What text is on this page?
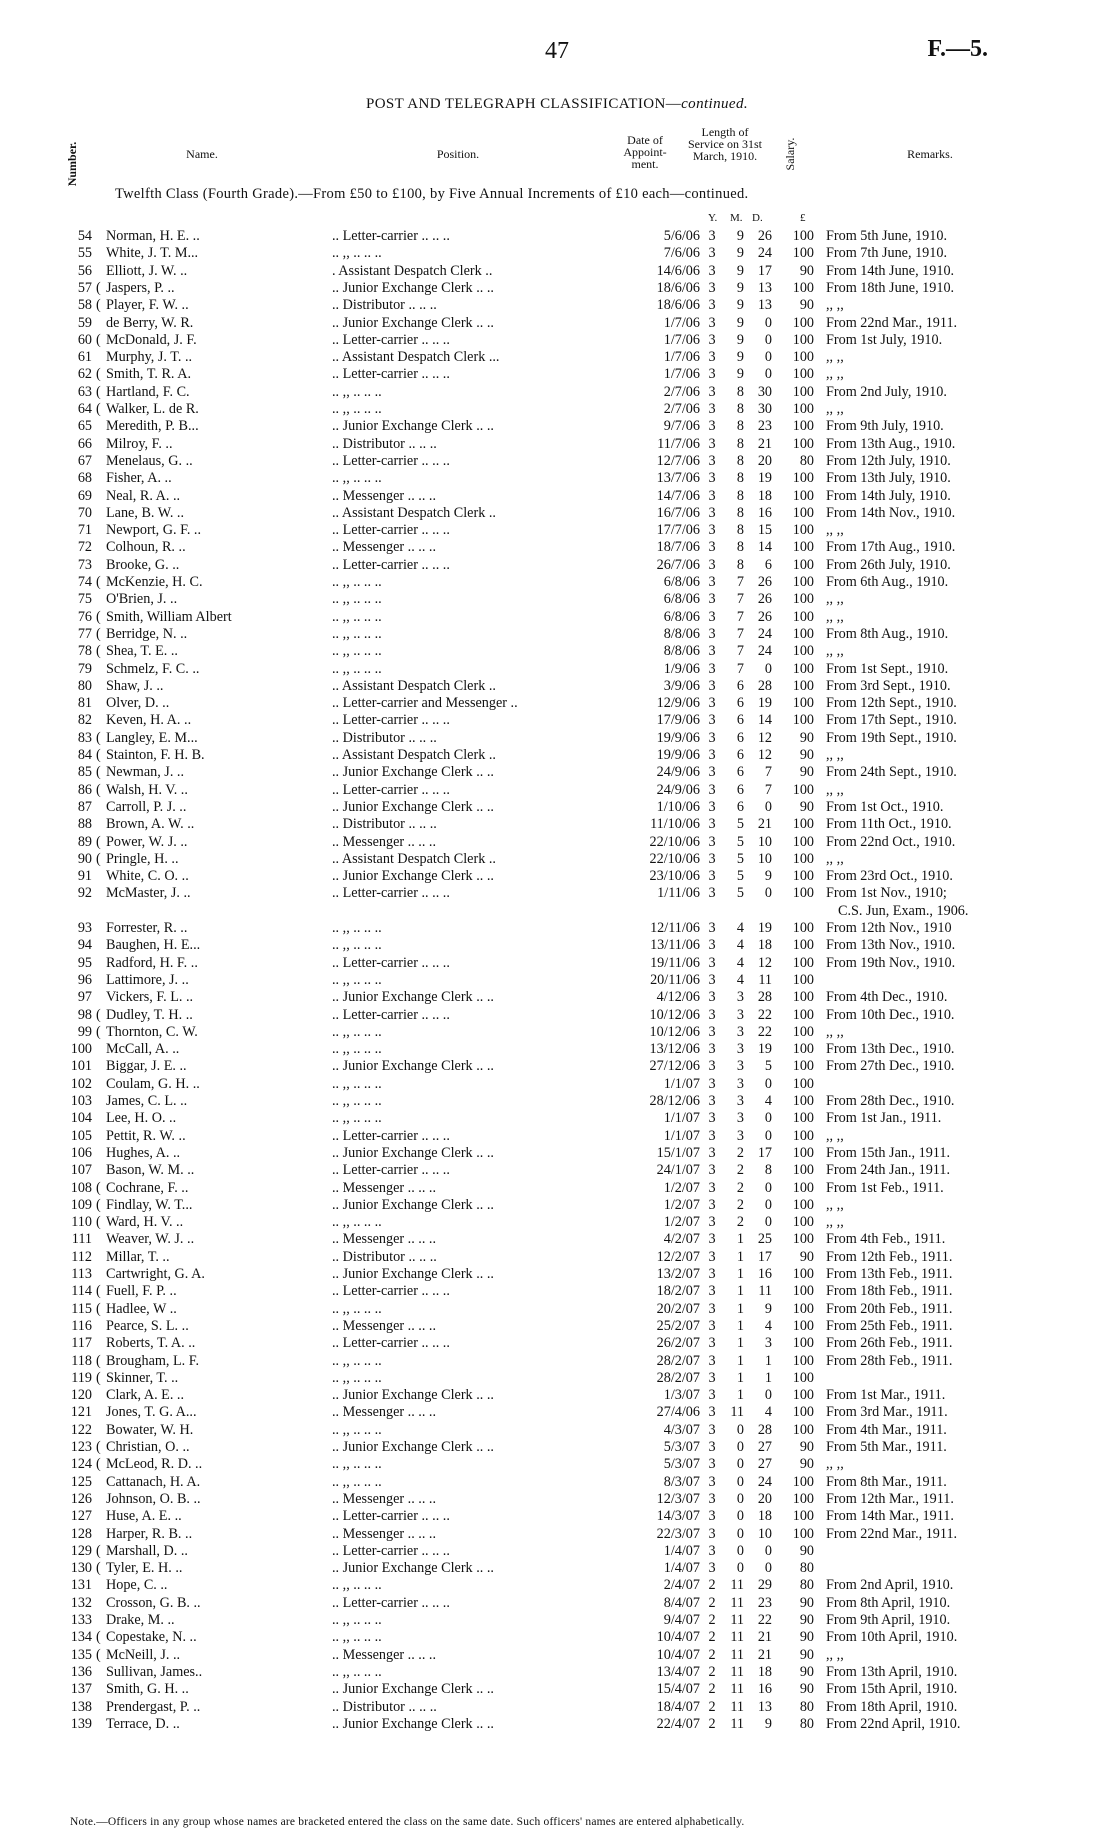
47	F.—5.
POST AND TELEGRAPH CLASSIFICATION—continued.
Number.	Name.	Position.
Date of Appoint-ment.
Length of Service on 31st March, 1910.	Salary.	Remarks.
Twelfth Class (Fourth Grade).—From £50 to £100, by Five Annual Increments of £10 each—continued.
Y. M. D.	£
54 Norman, H. E. ..	.. Letter-carrier .. .. ..	5/6/06 3	9 26	100 From 5th June, 1910.
55 White, J. T. M...	.. ,, .. .. ..	7/6/06 3	9 24	100 From 7th June, 1910.
56 Elliott, J. W. ..	. Assistant Despatch Clerk ..	14/6/06 3	9 17	90 From 14th June, 1910.
57 ( Jaspers, P. ..	.. Junior Exchange Clerk .. ..	18/6/06 3	9 13	100 From 18th June, 1910.
58 ( Player, F. W. ..	.. Distributor .. .. ..	18/6/06 3	9 13	90 ,, ,,
59 de Berry, W. R.	.. Junior Exchange Clerk .. ..	1/7/06 3	9	0	100 From 22nd Mar., 1911.
60 ( McDonald, J. F.	.. Letter-carrier .. .. ..	1/7/06 3	9	0	100 From 1st July, 1910.
61 Murphy, J. T. ..	.. Assistant Despatch Clerk ...	1/7/06 3	9	0	100 ,, ,,
62 ( Smith, T. R. A.	.. Letter-carrier .. .. ..	1/7/06 3	9	0	100 ,, ,,
63 ( Hartland, F. C.	.. ,, .. .. ..	2/7/06 3	8 30	100 From 2nd July, 1910.
64 ( Walker, L. de R.	.. ,, .. .. ..	2/7/06 3	8 30	100 ,, ,,
65 Meredith, P. B...	.. Junior Exchange Clerk .. ..	9/7/06 3	8 23	100 From 9th July, 1910.
66 Milroy, F. ..	.. Distributor .. .. ..	11/7/06 3	8 21	100 From 13th Aug., 1910.
67 Menelaus, G. ..	.. Letter-carrier .. .. ..	12/7/06 3	8 20	80 From 12th July, 1910.
68 Fisher, A. ..	.. ,, .. .. ..	13/7/06 3	8 19	100 From 13th July, 1910.
69 Neal, R. A. ..	.. Messenger .. .. ..	14/7/06 3	8 18	100 From 14th July, 1910.
70 Lane, B. W. ..	.. Assistant Despatch Clerk ..	16/7/06 3	8 16	100 From 14th Nov., 1910.
71 Newport, G. F. ..	.. Letter-carrier .. .. ..	17/7/06 3	8 15	100 ,, ,,
72 Colhoun, R. ..	.. Messenger .. .. ..	18/7/06 3	8 14	100 From 17th Aug., 1910.
73 Brooke, G. ..	.. Letter-carrier .. .. ..	26/7/06 3	8	6	100 From 26th July, 1910.
74 ( McKenzie, H. C.	.. ,, .. .. ..	6/8/06 3	7 26	100 From 6th Aug., 1910.
75 O'Brien, J. ..	.. ,, .. .. ..	6/8/06 3	7 26	100 ,, ,,
76 ( Smith, William Albert	.. ,, .. .. ..	6/8/06 3	7 26	100 ,, ,,
77 ( Berridge, N. ..	.. ,, .. .. ..	8/8/06 3	7 24	100 From 8th Aug., 1910.
78 ( Shea, T. E. ..	.. ,, .. .. ..	8/8/06 3	7 24	100 ,, ,,
79 Schmelz, F. C. ..	.. ,, .. .. ..	1/9/06 3	7	0	100 From 1st Sept., 1910.
80 Shaw, J. ..	.. Assistant Despatch Clerk ..	3/9/06 3	6 28	100 From 3rd Sept., 1910.
81 Olver, D. ..	.. Letter-carrier and Messenger ..	12/9/06 3	6 19	100 From 12th Sept., 1910.
82 Keven, H. A. ..	.. Letter-carrier .. .. ..	17/9/06 3	6 14	100 From 17th Sept., 1910.
83 ( Langley, E. M...	.. Distributor .. .. ..	19/9/06 3	6 12	90 From 19th Sept., 1910.
84 ( Stainton, F. H. B.	.. Assistant Despatch Clerk ..	19/9/06 3	6 12	90 ,, ,,
85 ( Newman, J. ..	.. Junior Exchange Clerk .. ..	24/9/06 3	6	7	90 From 24th Sept., 1910.
86 ( Walsh, H. V. ..	.. Letter-carrier .. .. ..	24/9/06 3	6	7	100 ,, ,,
87 Carroll, P. J. ..	.. Junior Exchange Clerk .. ..	1/10/06 3	6	0	90 From 1st Oct., 1910.
88 Brown, A. W. ..	.. Distributor .. .. ..	11/10/06 3	5 21	100 From 11th Oct., 1910.
89 ( Power, W. J. ..	.. Messenger .. .. ..	22/10/06 3	5 10	100 From 22nd Oct., 1910.
90 ( Pringle, H. ..	.. Assistant Despatch Clerk ..	22/10/06 3	5 10	100 ,, ,,
91 White, C. O. ..	.. Junior Exchange Clerk .. ..	23/10/06 3	5	9	100 From 23rd Oct., 1910.
92 McMaster, J. ..	.. Letter-carrier .. .. ..	1/11/06 3	5	0	100 From 1st Nov., 1910;
C.S. Jun, Exam., 1906.
93 Forrester, R. ..	.. ,, .. .. ..	12/11/06 3	4 19	100 From 12th Nov., 1910
94 Baughen, H. E...	.. ,, .. .. ..	13/11/06 3	4 18	100 From 13th Nov., 1910.
95 Radford, H. F. ..	.. Letter-carrier .. .. ..	19/11/06 3	4 12	100 From 19th Nov., 1910.
96 Lattimore, J. ..	.. ,, .. .. ..	20/11/06 3	4	11	100
97 Vickers, F. L. ..	.. Junior Exchange Clerk .. ..	4/12/06 3	3 28	100 From 4th Dec., 1910.
98 ( Dudley, T. H. ..	.. Letter-carrier .. .. ..	10/12/06 3	3 22	100 From 10th Dec., 1910.
99 ( Thornton, C. W.	.. ,, .. .. ..	10/12/06 3	3 22	100 ,, ,,
100 McCall, A. ..	.. ,, .. .. ..	13/12/06 3	3 19	100 From 13th Dec., 1910.
101 Biggar, J. E. ..	.. Junior Exchange Clerk .. ..	27/12/06 3	3	5	100 From 27th Dec., 1910.
102 Coulam, G. H. ..	.. ,, .. .. ..	1/1/07 3	3	0	100
103 James, C. L. ..	.. ,, .. .. ..	28/12/06 3	3	4	100 From 28th Dec., 1910.
104 Lee, H. O. ..	.. ,, .. .. ..	1/1/07 3	3	0	100 From 1st Jan., 1911.
105 Pettit, R. W. ..	.. Letter-carrier .. .. ..	1/1/07 3	3	0	100 ,, ,,
106 Hughes, A. ..	.. Junior Exchange Clerk .. ..	15/1/07 3	2 17	100 From 15th Jan., 1911.
107 Bason, W. M. ..	.. Letter-carrier .. .. ..	24/1/07 3	2	8	100 From 24th Jan., 1911.
108 ( Cochrane, F. ..	.. Messenger .. .. ..	1/2/07 3	2	0	100 From 1st Feb., 1911.
109 ( Findlay, W. T...	.. Junior Exchange Clerk .. ..	1/2/07 3	2	0	100 ,, ,,
110 ( Ward, H. V. ..	.. ,, .. .. ..	1/2/07 3	2	0	100 ,, ,,
111 Weaver, W. J. ..	.. Messenger .. .. ..	4/2/07 3	1 25	100 From 4th Feb., 1911.
112 Millar, T. ..	.. Distributor .. .. ..	12/2/07 3	1 17	90 From 12th Feb., 1911.
113 Cartwright, G. A.	.. Junior Exchange Clerk .. ..	13/2/07 3	1 16	100 From 13th Feb., 1911.
114 ( Fuell, F. P. ..	.. Letter-carrier .. .. ..	18/2/07 3	1	11	100 From 18th Feb., 1911.
115 ( Hadlee, W ..	.. ,, .. .. ..	20/2/07 3	1	9	100 From 20th Feb., 1911.
116 Pearce, S. L. ..	.. Messenger .. .. ..	25/2/07 3	1	4	100 From 25th Feb., 1911.
117 Roberts, T. A. ..	.. Letter-carrier .. .. ..	26/2/07 3	1	3	100 From 26th Feb., 1911.
118 ( Brougham, L. F.	.. ,, .. .. ..	28/2/07 3	1	1	100 From 28th Feb., 1911.
119 ( Skinner, T. ..	.. ,, .. .. ..	28/2/07 3	1	1	100
120 Clark, A. E. ..	.. Junior Exchange Clerk .. ..	1/3/07 3	1	0	100 From 1st Mar., 1911.
121 Jones, T. G. A...	.. Messenger .. .. ..	27/4/06 3	11	4	100 From 3rd Mar., 1911.
122 Bowater, W. H.	.. ,, .. .. ..	4/3/07 3	0 28	100 From 4th Mar., 1911.
123 ( Christian, O. ..	.. Junior Exchange Clerk .. ..	5/3/07 3	0 27	90 From 5th Mar., 1911.
124 ( McLeod, R. D. ..	.. ,, .. .. ..	5/3/07 3	0 27	90 ,, ,,
125 Cattanach, H. A.	.. ,, .. .. ..	8/3/07 3	0 24	100 From 8th Mar., 1911.
126 Johnson, O. B. ..	.. Messenger .. .. ..	12/3/07 3	0 20	100 From 12th Mar., 1911.
127 Huse, A. E. ..	.. Letter-carrier .. .. ..	14/3/07 3	0 18	100 From 14th Mar., 1911.
128 Harper, R. B. ..	.. Messenger .. .. ..	22/3/07 3	0 10	100 From 22nd Mar., 1911.
129 ( Marshall, D. ..	.. Letter-carrier .. .. ..	1/4/07 3	0	0	90
130 ( Tyler, E. H. ..	.. Junior Exchange Clerk .. ..	1/4/07 3	0	0	80
131 Hope, C. ..	.. ,, .. .. ..	2/4/07 2	11 29	80 From 2nd April, 1910.
132 Crosson, G. B. ..	.. Letter-carrier .. .. ..	8/4/07 2	11 23	90 From 8th April, 1910.
133 Drake, M. ..	.. ,, .. .. ..	9/4/07 2	11 22	90 From 9th April, 1910.
134 ( Copestake, N. ..	.. ,, .. .. ..	10/4/07 2	11 21	90 From 10th April, 1910.
135 ( McNeill, J. ..	.. Messenger .. .. ..	10/4/07 2	11 21	90 ,, ,,
136 Sullivan, James..	.. ,, .. .. ..	13/4/07 2	11 18	90 From 13th April, 1910.
137 Smith, G. H. ..	.. Junior Exchange Clerk .. ..	15/4/07 2	11 16	90 From 15th April, 1910.
138 Prendergast, P. ..	.. Distributor .. .. ..	18/4/07 2	11 13	80 From 18th April, 1910.
139 Terrace, D. ..	.. Junior Exchange Clerk .. ..	22/4/07 2	11	9	80 From 22nd April, 1910.
Note.—Officers in any group whose names are bracketed entered the class on the same date. Such officers' names are entered alphabetically.
